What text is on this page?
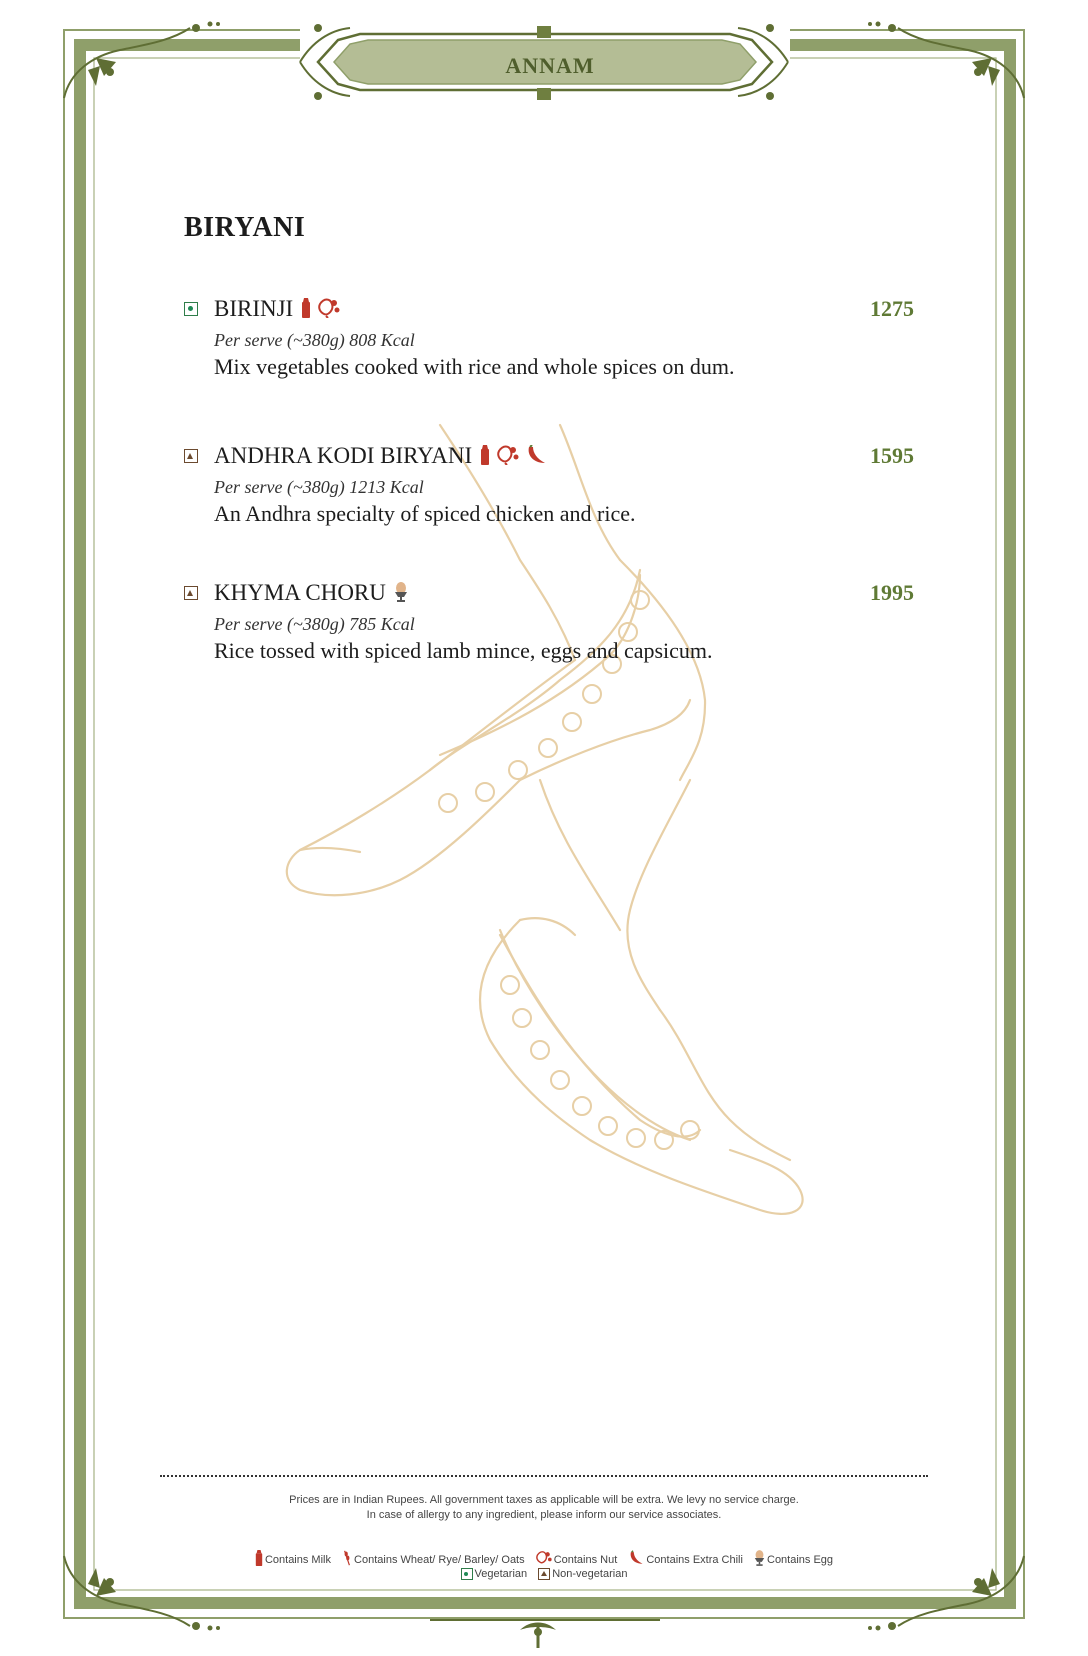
ANNAM
BIRYANI
BIRINJI	1275
Per serve (~380g) 808 Kcal
Mix vegetables cooked with rice and whole spices on dum.
ANDHRA KODI BIRYANI	1595
Per serve (~380g) 1213 Kcal
An Andhra specialty of spiced chicken and rice.
KHYMA CHORU	1995
Per serve (~380g) 785 Kcal
Rice tossed with spiced lamb mince, eggs and capsicum.
Prices are in Indian Rupees. All government taxes as applicable will be extra. We levy no service charge.
In case of allergy to any ingredient, please inform our service associates.
Contains Milk Contains Wheat/ Rye/ Barley/ Oats	Contains Nut	Contains Extra Chili Contains Egg
Vegetarian Non-vegetarian
